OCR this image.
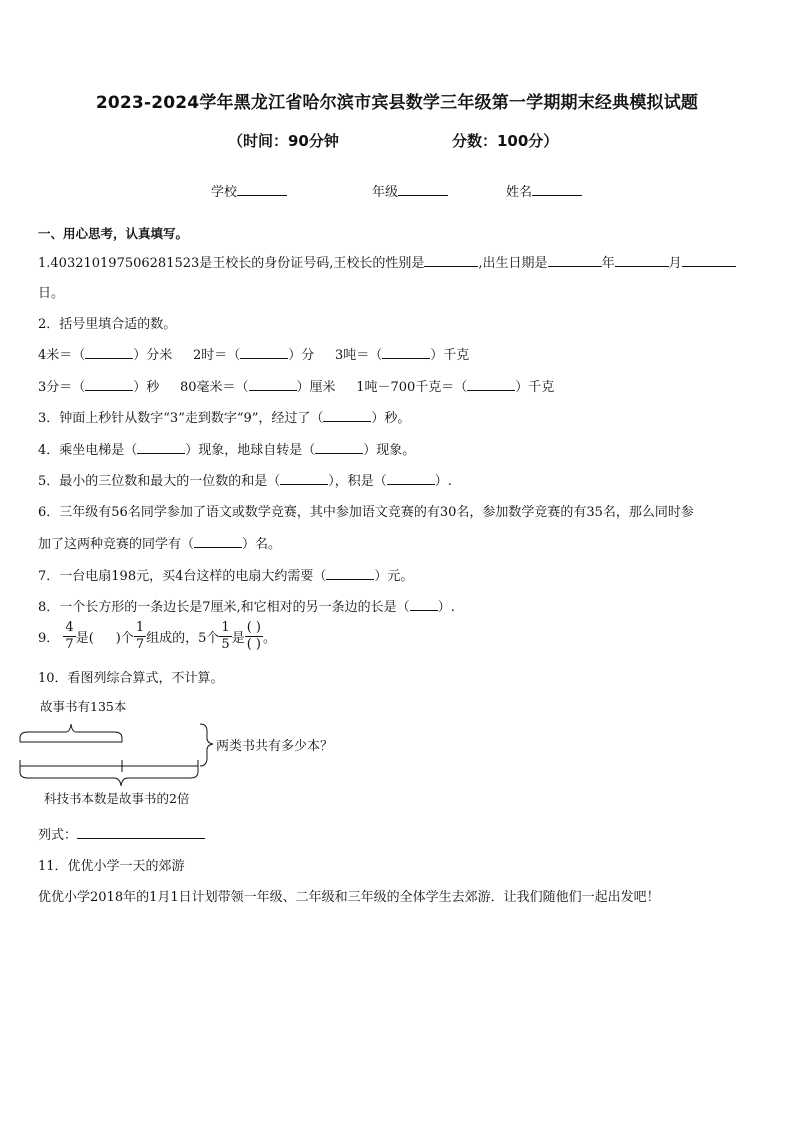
2023-2024学年黑龙江省哈尔滨市宾县数学三年级第一学期期末经典模拟试题
（时间：90分钟	分数：100分）
学校	年级	姓名
一、用心思考，认真填写。
1.403210197506281523是王校长的身份证号码,王校长的性别是	,出生日期是	年	月
日。
2．括号里填合适的数。
4米＝（	）分米 2时＝（	）分 3吨＝（	）千克
3分＝（	）秒 80毫米＝（	）厘米 1吨－700千克＝（	）千克
3．钟面上秒针从数字“3”走到数字“9”，经过了（	）秒。
4．乘坐电梯是（	）现象，地球自转是（	）现象。
5．最小的三位数和最大的一位数的和是（	），积是（	）.
6．三年级有56名同学参加了语文或数学竞赛，其中参加语文竞赛的有30名，参加数学竞赛的有35名，那么同时参
加了这两种竞赛的同学有（	）名。
7．一台电扇198元，买4台这样的电扇大约需要（	）元。
8．一个长方形的一条边长是7厘米,和它相对的另一条边的长是（ ）.
9． $\frac{4}{7}$ 是( )个 $\frac{1}{7}$ 组成的，5个 $\frac{1}{5}$ 是 $\frac{( )}{( )}$ 。
10．看图列综合算式，不计算。
故事书有135本
两类书共有多少本？
科技书本数是故事书的2倍
列式：
11．优优小学一天的郊游
优优小学2018年的1月1日计划带领一年级、二年级和三年级的全体学生去郊游．让我们随他们一起出发吧！
